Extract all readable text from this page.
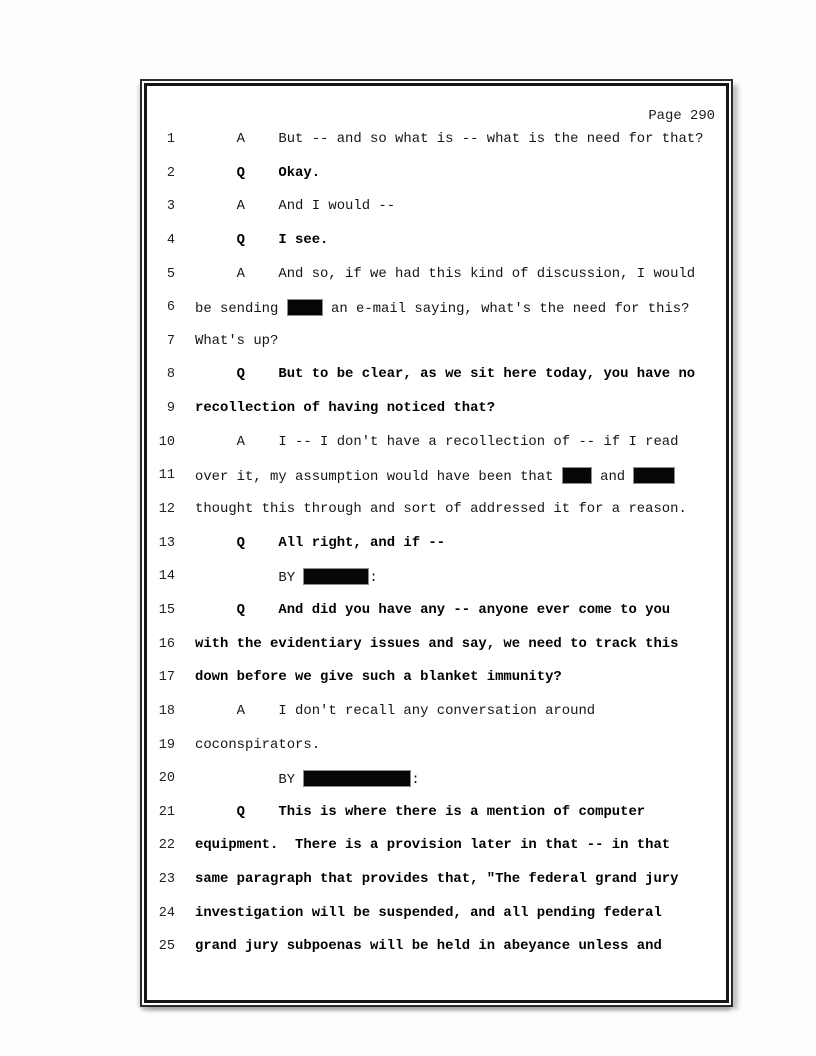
Page 290
1	A    But -- and so what is -- what is the need for that?
2	Q    Okay.
3	A    And I would --
4	Q    I see.
5	A    And so, if we had this kind of discussion, I would
6	be sending	an e-mail saying, what's the need for this?
7	What's up?
8	Q    But to be clear, as we sit here today, you have no
9	recollection of having noticed that?
10	A    I -- I don't have a recollection of -- if I read
11	over it, my assumption would have been that  and
12	thought this through and sort of addressed it for a reason.
13	Q    All right, and if --
14	BY	:
15	Q    And did you have any -- anyone ever come to you
16	with the evidentiary issues and say, we need to track this
17	down before we give such a blanket immunity?
18	A    I don't recall any conversation around
19	coconspirators.
20	BY	:
21	Q    This is where there is a mention of computer
22	equipment.  There is a provision later in that -- in that
23	same paragraph that provides that, "The federal grand jury
24	investigation will be suspended, and all pending federal
25	grand jury subpoenas will be held in abeyance unless and
